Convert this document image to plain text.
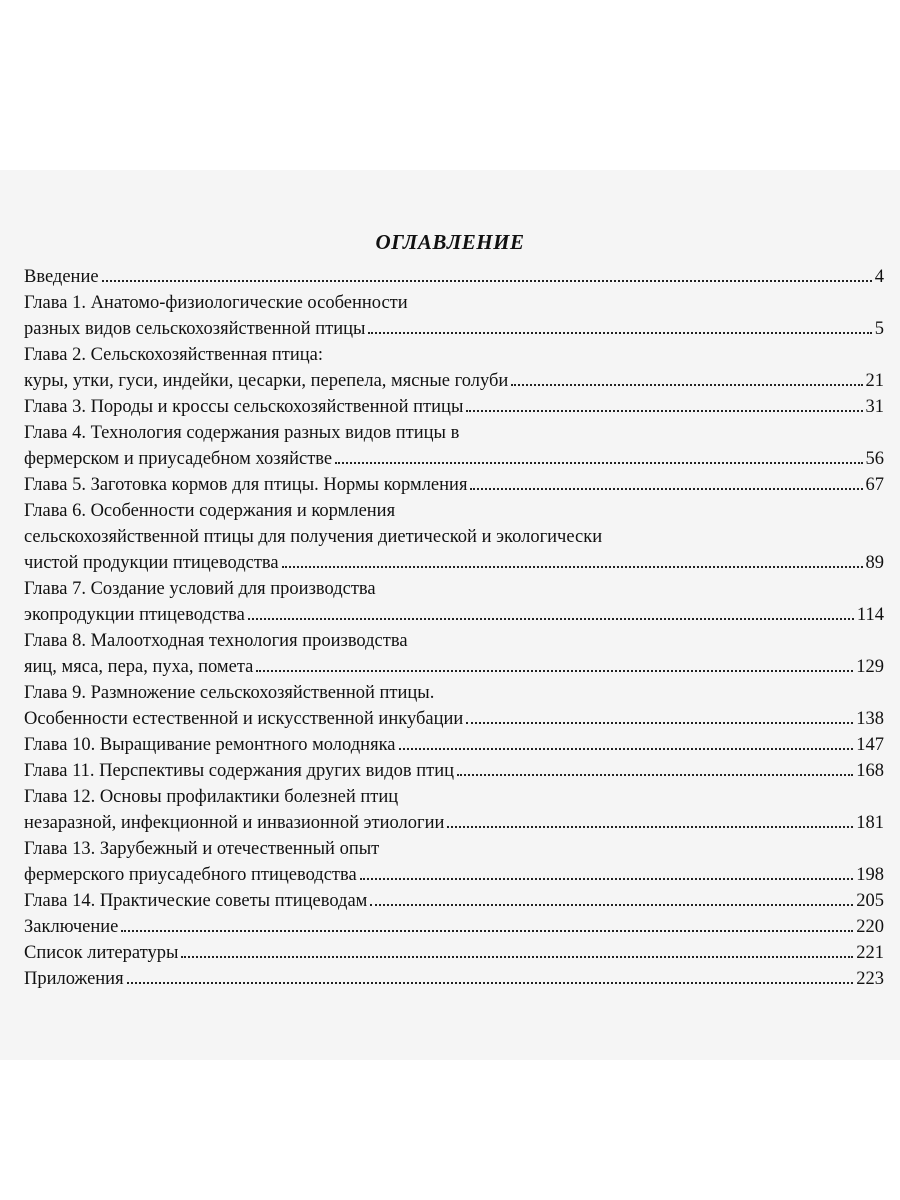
ОГЛАВЛЕНИЕ
Введение	4
Глава 1. Анатомо-физиологические особенности
разных видов сельскохозяйственной птицы	5
Глава 2. Сельскохозяйственная птица:
куры, утки, гуси, индейки, цесарки, перепела, мясные голуби	21
Глава 3. Породы и кроссы сельскохозяйственной птицы	31
Глава 4. Технология содержания разных видов птицы в
фермерском и приусадебном хозяйстве	56
Глава 5. Заготовка кормов для птицы. Нормы кормления	67
Глава 6. Особенности содержания и кормления
сельскохозяйственной птицы для получения диетической и экологически
чистой продукции птицеводства	89
Глава 7. Создание условий для производства
экопродукции птицеводства	114
Глава 8. Малоотходная технология производства
яиц, мяса, пера, пуха, помета	129
Глава 9. Размножение сельскохозяйственной птицы.
Особенности естественной и искусственной инкубации	138
Глава 10. Выращивание ремонтного молодняка	147
Глава 11. Перспективы содержания других видов птиц	168
Глава 12. Основы профилактики болезней птиц
незаразной, инфекционной и инвазионной этиологии	181
Глава 13. Зарубежный и отечественный опыт
фермерского приусадебного птицеводства	198
Глава 14. Практические советы птицеводам	205
Заключение	220
Список литературы	221
Приложения	223
